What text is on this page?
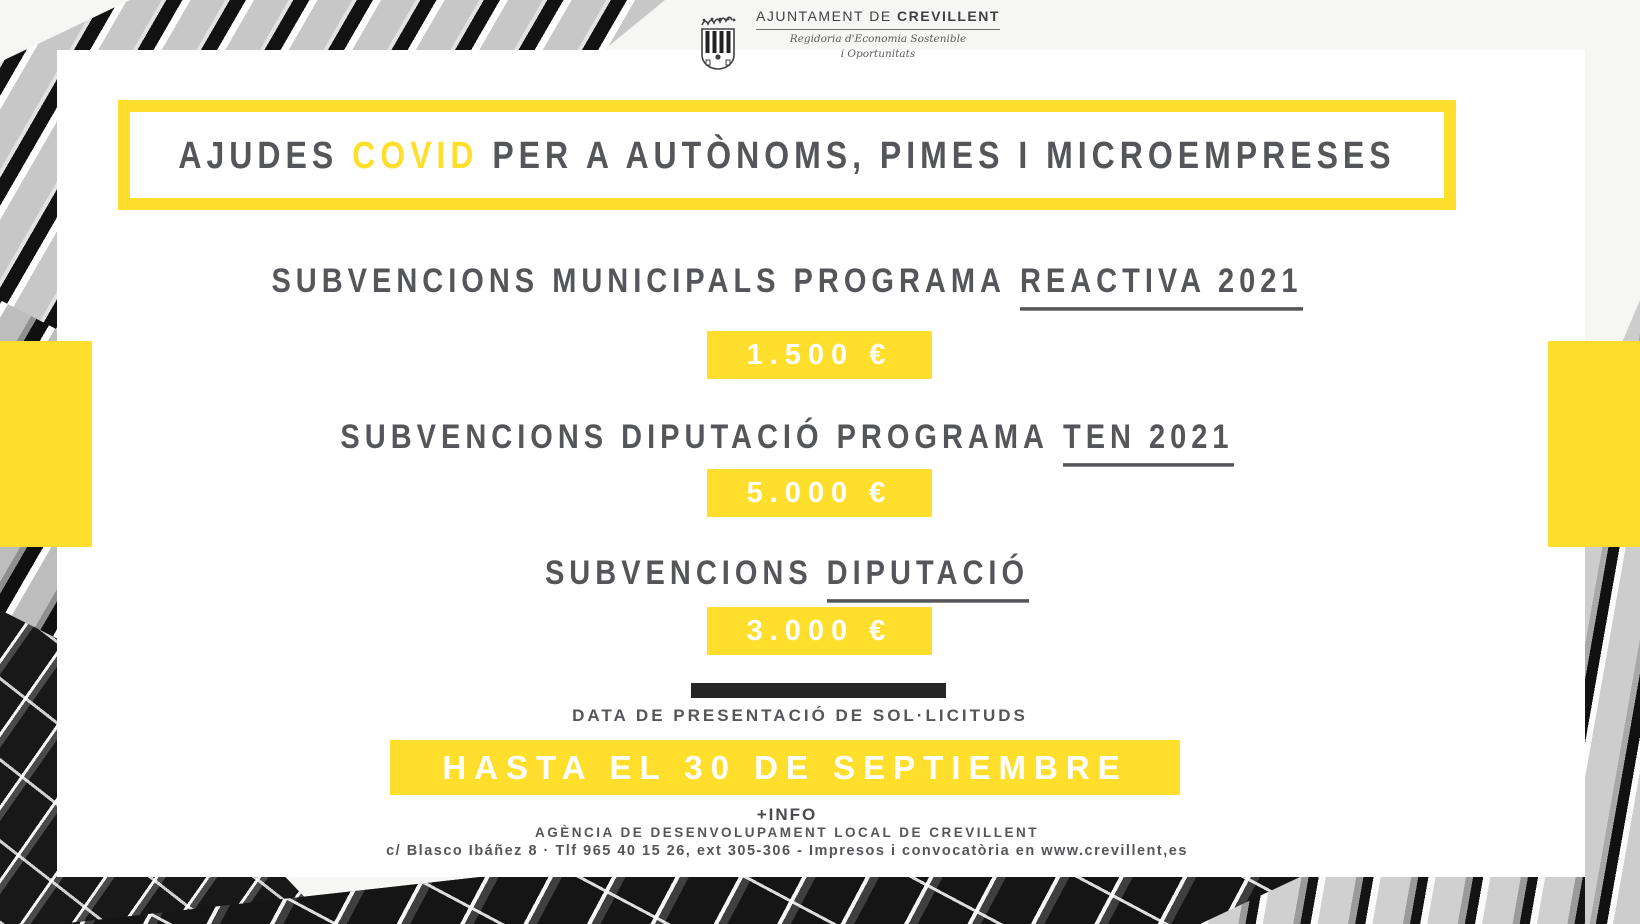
AJUNTAMENT DE CREVILLENT
Regidoria d'Economia Sostenible
i Oportunitats
AJUDES COVID PER A AUTÒNOMS, PIMES I MICROEMPRESES
SUBVENCIONS MUNICIPALS PROGRAMA REACTIVA 2021
1.500 €
SUBVENCIONS DIPUTACIÓ PROGRAMA TEN 2021
5.000 €
SUBVENCIONS DIPUTACIÓ
3.000 €
DATA DE PRESENTACIÓ DE SOL·LICITUDS
HASTA EL 30 DE SEPTIEMBRE
+INFO
AGÈNCIA DE DESENVOLUPAMENT LOCAL DE CREVILLENT
c/ Blasco Ibáñez 8 · Tlf 965 40 15 26, ext 305-306 - Impresos i convocatòria en www.crevillent,es
